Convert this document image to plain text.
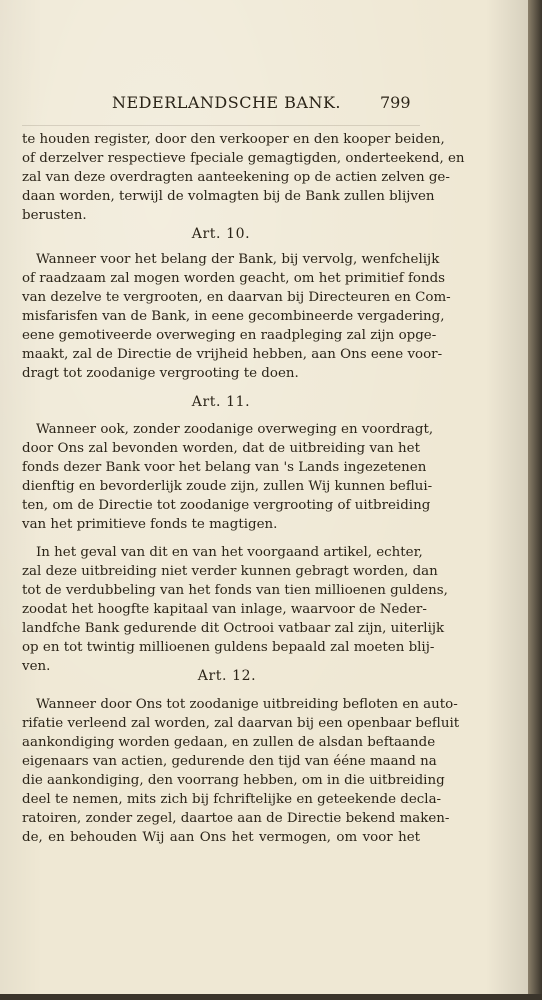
NEDERLANDSCHE BANK. 799
te houden register, door den verkooper en den kooper beiden,
of derzelver respectieve fpeciale gemagtigden, onderteekend, en
zal van deze overdragten aanteekening op de actien zelven ge-
daan worden, terwijl de volmagten bij de Bank zullen blijven
berusten.
Art. 10.
Wanneer voor het belang der Bank, bij vervolg, wenfchelijk
of raadzaam zal mogen worden geacht, om het primitief fonds
van dezelve te vergrooten, en daarvan bij Directeuren en Com-
misfarisfen van de Bank, in eene gecombineerde vergadering,
eene gemotiveerde overweging en raadpleging zal zijn opge-
maakt, zal de Directie de vrijheid hebben, aan Ons eene voor-
dragt tot zoodanige vergrooting te doen.
Art. 11.
Wanneer ook, zonder zoodanige overweging en voordragt,
door Ons zal bevonden worden, dat de uitbreiding van het
fonds dezer Bank voor het belang van 's Lands ingezetenen
dienftig en bevorderlijk zoude zijn, zullen Wij kunnen beflui-
ten, om de Directie tot zoodanige vergrooting of uitbreiding
van het primitieve fonds te magtigen.
In het geval van dit en van het voorgaand artikel, echter,
zal deze uitbreiding niet verder kunnen gebragt worden, dan
tot de verdubbeling van het fonds van tien millioenen guldens,
zoodat het hoogfte kapitaal van inlage, waarvoor de Neder-
landfche Bank gedurende dit Octrooi vatbaar zal zijn, uiterlijk
op en tot twintig millioenen guldens bepaald zal moeten blij-
ven.
Art. 12.
Wanneer door Ons tot zoodanige uitbreiding befloten en auto-
rifatie verleend zal worden, zal daarvan bij een openbaar befluit
aankondiging worden gedaan, en zullen de alsdan beftaande
eigenaars van actien, gedurende den tijd van ééne maand na
die aankondiging, den voorrang hebben, om in die uitbreiding
deel te nemen, mits zich bij fchriftelijke en geteekende decla-
ratoiren, zonder zegel, daartoe aan de Directie bekend maken-
de, en behouden Wij aan Ons het vermogen, om voor het
